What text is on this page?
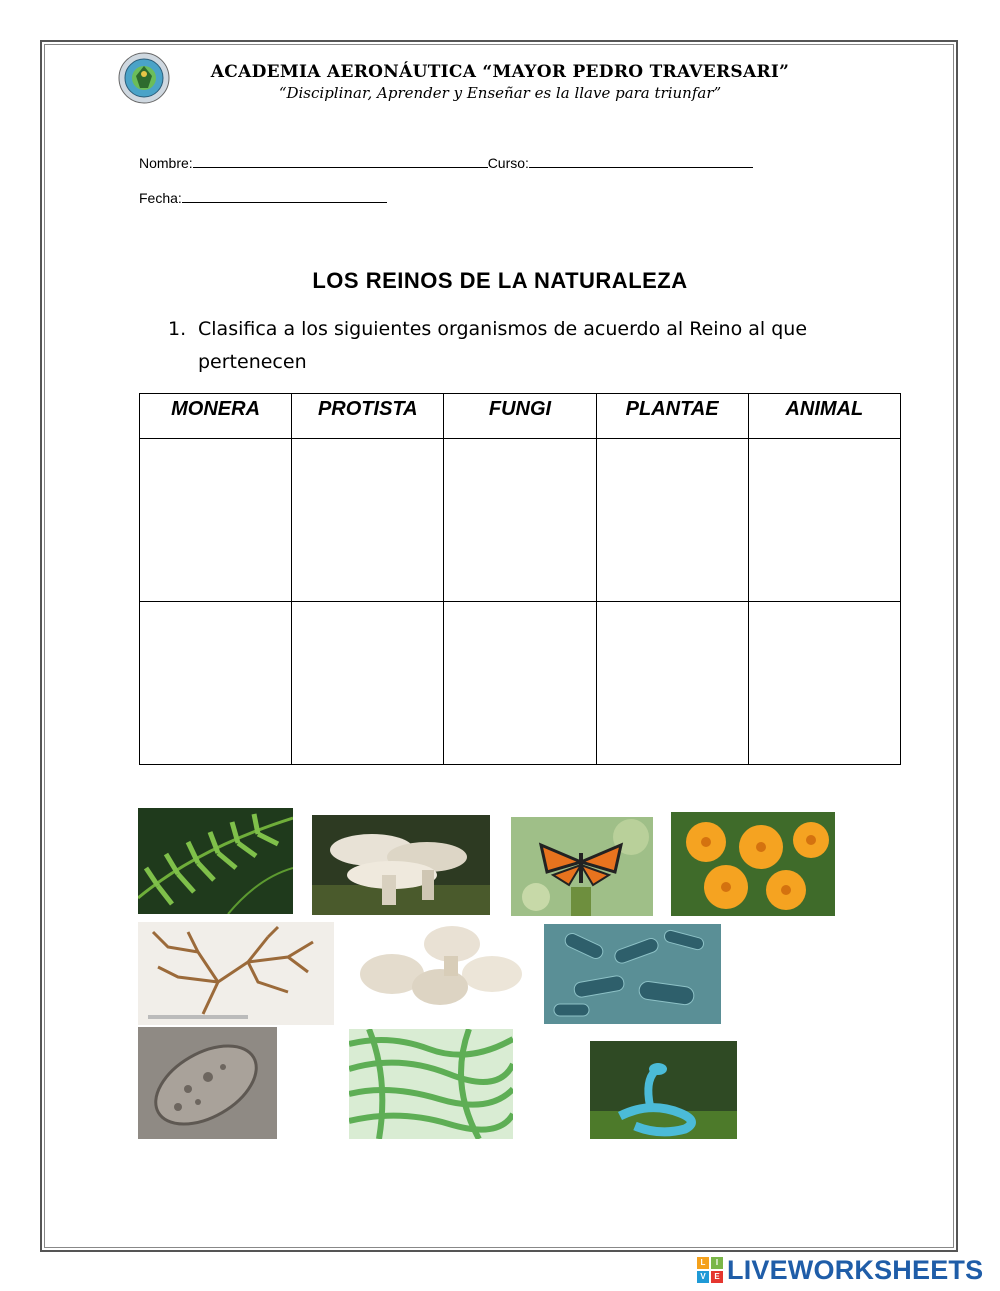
ACADEMIA AERONÁUTICA “MAYOR PEDRO TRAVERSARI”
“Disciplinar, Aprender y Enseñar es la llave para triunfar”
Nombre:	Curso:
Fecha:
LOS REINOS DE LA NATURALEZA
1. Clasifica a los siguientes organismos de acuerdo al Reino al que pertenecen
MONERA	PROTISTA	FUNGI	PLANTAE	ANIMAL

L	I
V	E LIVEWORKSHEETS
